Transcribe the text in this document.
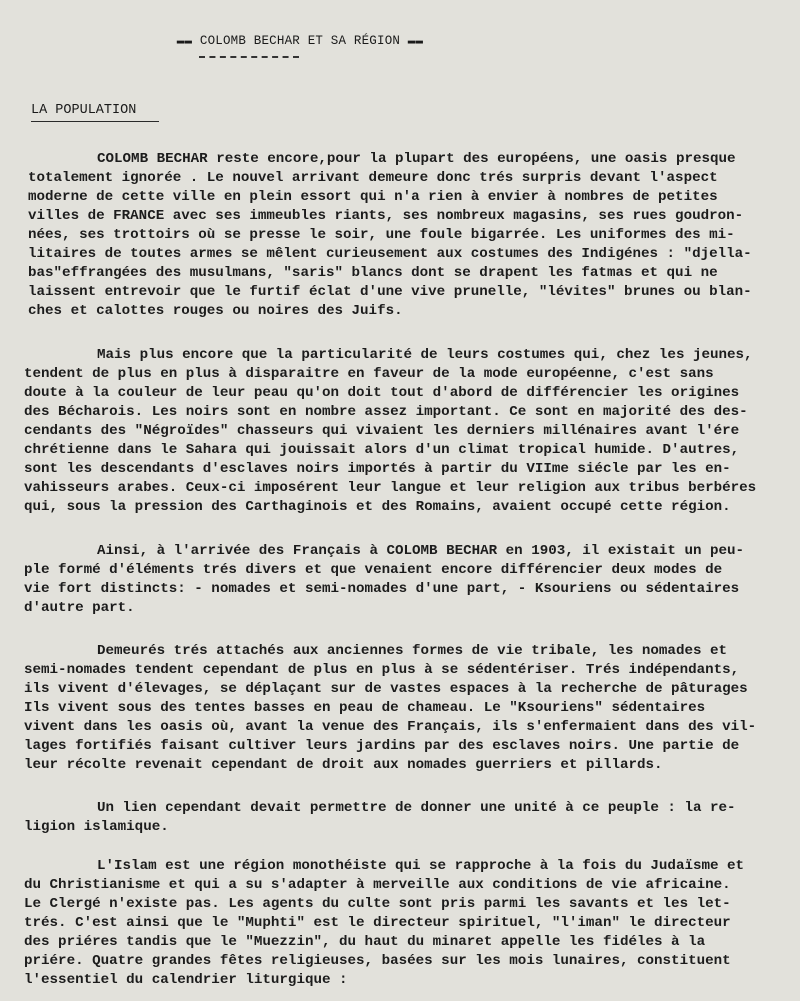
▬▬ COLOMB BECHAR ET SA RÉGION ▬▬
LA POPULATION
COLOMB BECHAR reste encore,pour la plupart des européens, une oasis presque
totalement ignorée . Le nouvel arrivant demeure donc trés surpris devant l'aspect
moderne de cette ville en plein essort qui n'a rien à envier à nombres de petites
villes de FRANCE avec ses immeubles riants, ses nombreux magasins, ses rues goudron-
nées, ses trottoirs où se presse le soir, une foule bigarrée. Les uniformes des mi-
litaires de toutes armes se mêlent curieusement aux costumes des Indigénes : "djella-
bas"effrangées des musulmans, "saris" blancs dont se drapent les fatmas et qui ne
laissent entrevoir que le furtif éclat d'une vive prunelle, "lévites" brunes ou blan-
ches et calottes rouges ou noires des Juifs.
Mais plus encore que la particularité de leurs costumes qui, chez les jeunes,
tendent de plus en plus à disparaitre en faveur de la mode européenne, c'est sans
doute à la couleur de leur peau qu'on doit tout d'abord de différencier les origines
des Bécharois. Les noirs sont en nombre assez important. Ce sont en majorité des des-
cendants des "Négroïdes" chasseurs qui vivaient les derniers millénaires avant l'ére
chrétienne dans le Sahara qui jouissait alors d'un climat tropical humide. D'autres,
sont les descendants d'esclaves noirs importés à partir du VIIme siécle par les en-
vahisseurs arabes. Ceux-ci imposérent leur langue et leur religion aux tribus berbéres
qui, sous la pression des Carthaginois et des Romains, avaient occupé cette région.
Ainsi, à l'arrivée des Français à COLOMB BECHAR en 1903, il existait un peu-
ple formé d'éléments trés divers et que venaient encore différencier deux modes de
vie fort distincts: - nomades et semi-nomades d'une part, - Ksouriens ou sédentaires
d'autre part.
Demeurés trés attachés aux anciennes formes de vie tribale, les nomades et
semi-nomades tendent cependant de plus en plus à se sédentériser. Trés indépendants,
ils vivent d'élevages, se déplaçant sur de vastes espaces à la recherche de pâturages
Ils vivent sous des tentes basses en peau de chameau. Le "Ksouriens" sédentaires
vivent dans les oasis où, avant la venue des Français, ils s'enfermaient dans des vil-
lages fortifiés faisant cultiver leurs jardins par des esclaves noirs. Une partie de
leur récolte revenait cependant de droit aux nomades guerriers et pillards.
Un lien cependant devait permettre de donner une unité à ce peuple : la re-
ligion islamique.
L'Islam est une région monothéiste qui se rapproche à la fois du Judaïsme et
du Christianisme et qui a su s'adapter à merveille aux conditions de vie africaine.
Le Clergé n'existe pas. Les agents du culte sont pris parmi les savants et les let-
trés. C'est ainsi que le "Muphti" est le directeur spirituel, "l'iman" le directeur
des priéres tandis que le "Muezzin", du haut du minaret appelle les fidéles à la
priére. Quatre grandes fêtes religieuses, basées sur les mois lunaires, constituent
l'essentiel du calendrier liturgique :
